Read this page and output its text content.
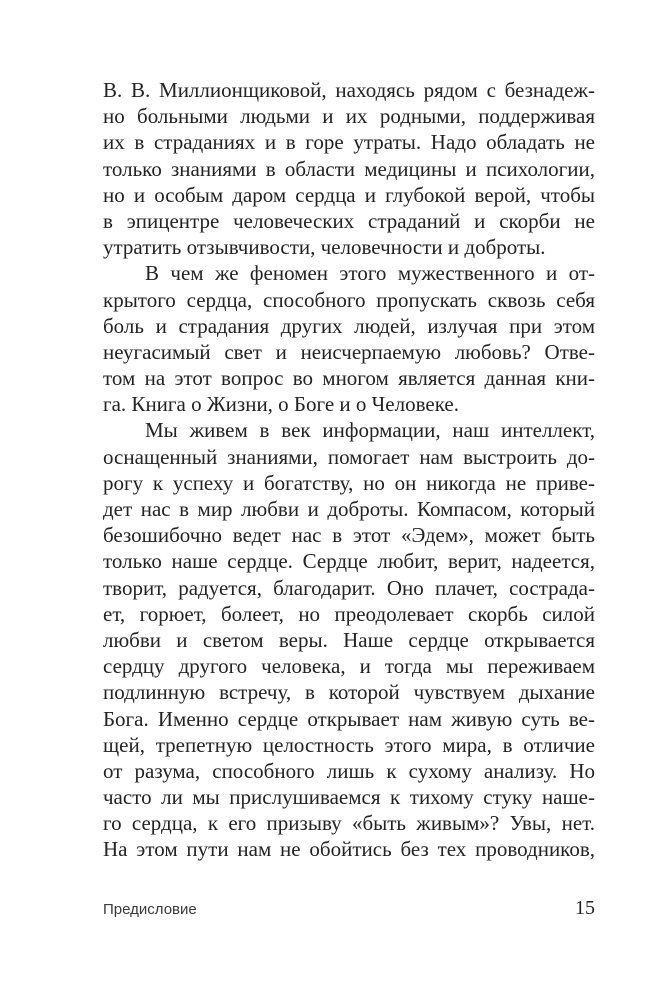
В. В. Миллионщиковой, находясь рядом с безнадеж-
но больными людьми и их родными, поддерживая
их в страданиях и в горе утраты. Надо обладать не
только знаниями в области медицины и психологии,
но и особым даром сердца и глубокой верой, чтобы
в эпицентре человеческих страданий и скорби не
утратить отзывчивости, человечности и доброты.
В чем же феномен этого мужественного и от-
крытого сердца, способного пропускать сквозь себя
боль и страдания других людей, излучая при этом
неугасимый свет и неисчерпаемую любовь? Отве-
том на этот вопрос во многом является данная кни-
га. Книга о Жизни, о Боге и о Человеке.
Мы живем в век информации, наш интеллект,
оснащенный знаниями, помогает нам выстроить до-
рогу к успеху и богатству, но он никогда не приве-
дет нас в мир любви и доброты. Компасом, который
безошибочно ведет нас в этот «Эдем», может быть
только наше сердце. Сердце любит, верит, надеется,
творит, радуется, благодарит. Оно плачет, сострада-
ет, горюет, болеет, но преодолевает скорбь силой
любви и светом веры. Наше сердце открывается
сердцу другого человека, и тогда мы переживаем
подлинную встречу, в которой чувствуем дыхание
Бога. Именно сердце открывает нам живую суть ве-
щей, трепетную целостность этого мира, в отличие
от разума, способного лишь к сухому анализу. Но
часто ли мы прислушиваемся к тихому стуку наше-
го сердца, к его призыву «быть живым»? Увы, нет.
На этом пути нам не обойтись без тех проводников,
Предисловие	15
